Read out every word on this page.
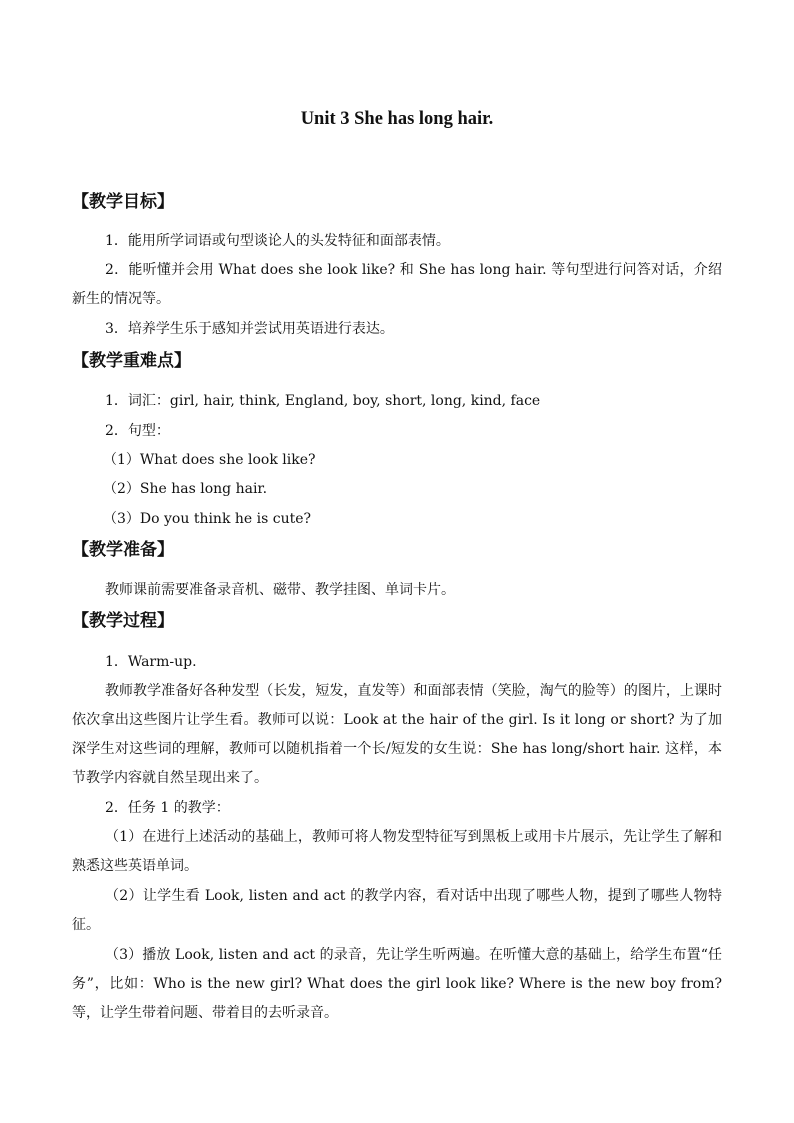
Unit 3 She has long hair.
【教学目标】
1．能用所学词语或句型谈论人的头发特征和面部表情。
2．能听懂并会用 What does she look like? 和 She has long hair. 等句型进行问答对话，介绍新生的情况等。
3．培养学生乐于感知并尝试用英语进行表达。
【教学重难点】
1．词汇：girl, hair, think, England, boy, short, long, kind, face
2．句型：
（1）What does she look like?
（2）She has long hair.
（3）Do you think he is cute?
【教学准备】
教师课前需要准备录音机、磁带、教学挂图、单词卡片。
【教学过程】
1．Warm-up.
教师教学准备好各种发型（长发，短发，直发等）和面部表情（笑脸，淘气的脸等）的图片，上课时依次拿出这些图片让学生看。教师可以说：Look at the hair of the girl. Is it long or short? 为了加深学生对这些词的理解，教师可以随机指着一个长/短发的女生说：She has long/short hair. 这样，本节教学内容就自然呈现出来了。
2．任务 1 的教学：
（1）在进行上述活动的基础上，教师可将人物发型特征写到黑板上或用卡片展示，先让学生了解和熟悉这些英语单词。
（2）让学生看 Look, listen and act 的教学内容，看对话中出现了哪些人物，提到了哪些人物特征。
（3）播放 Look, listen and act 的录音，先让学生听两遍。在听懂大意的基础上，给学生布置“任务”，比如：Who is the new girl? What does the girl look like? Where is the new boy from? 等，让学生带着问题、带着目的去听录音。
